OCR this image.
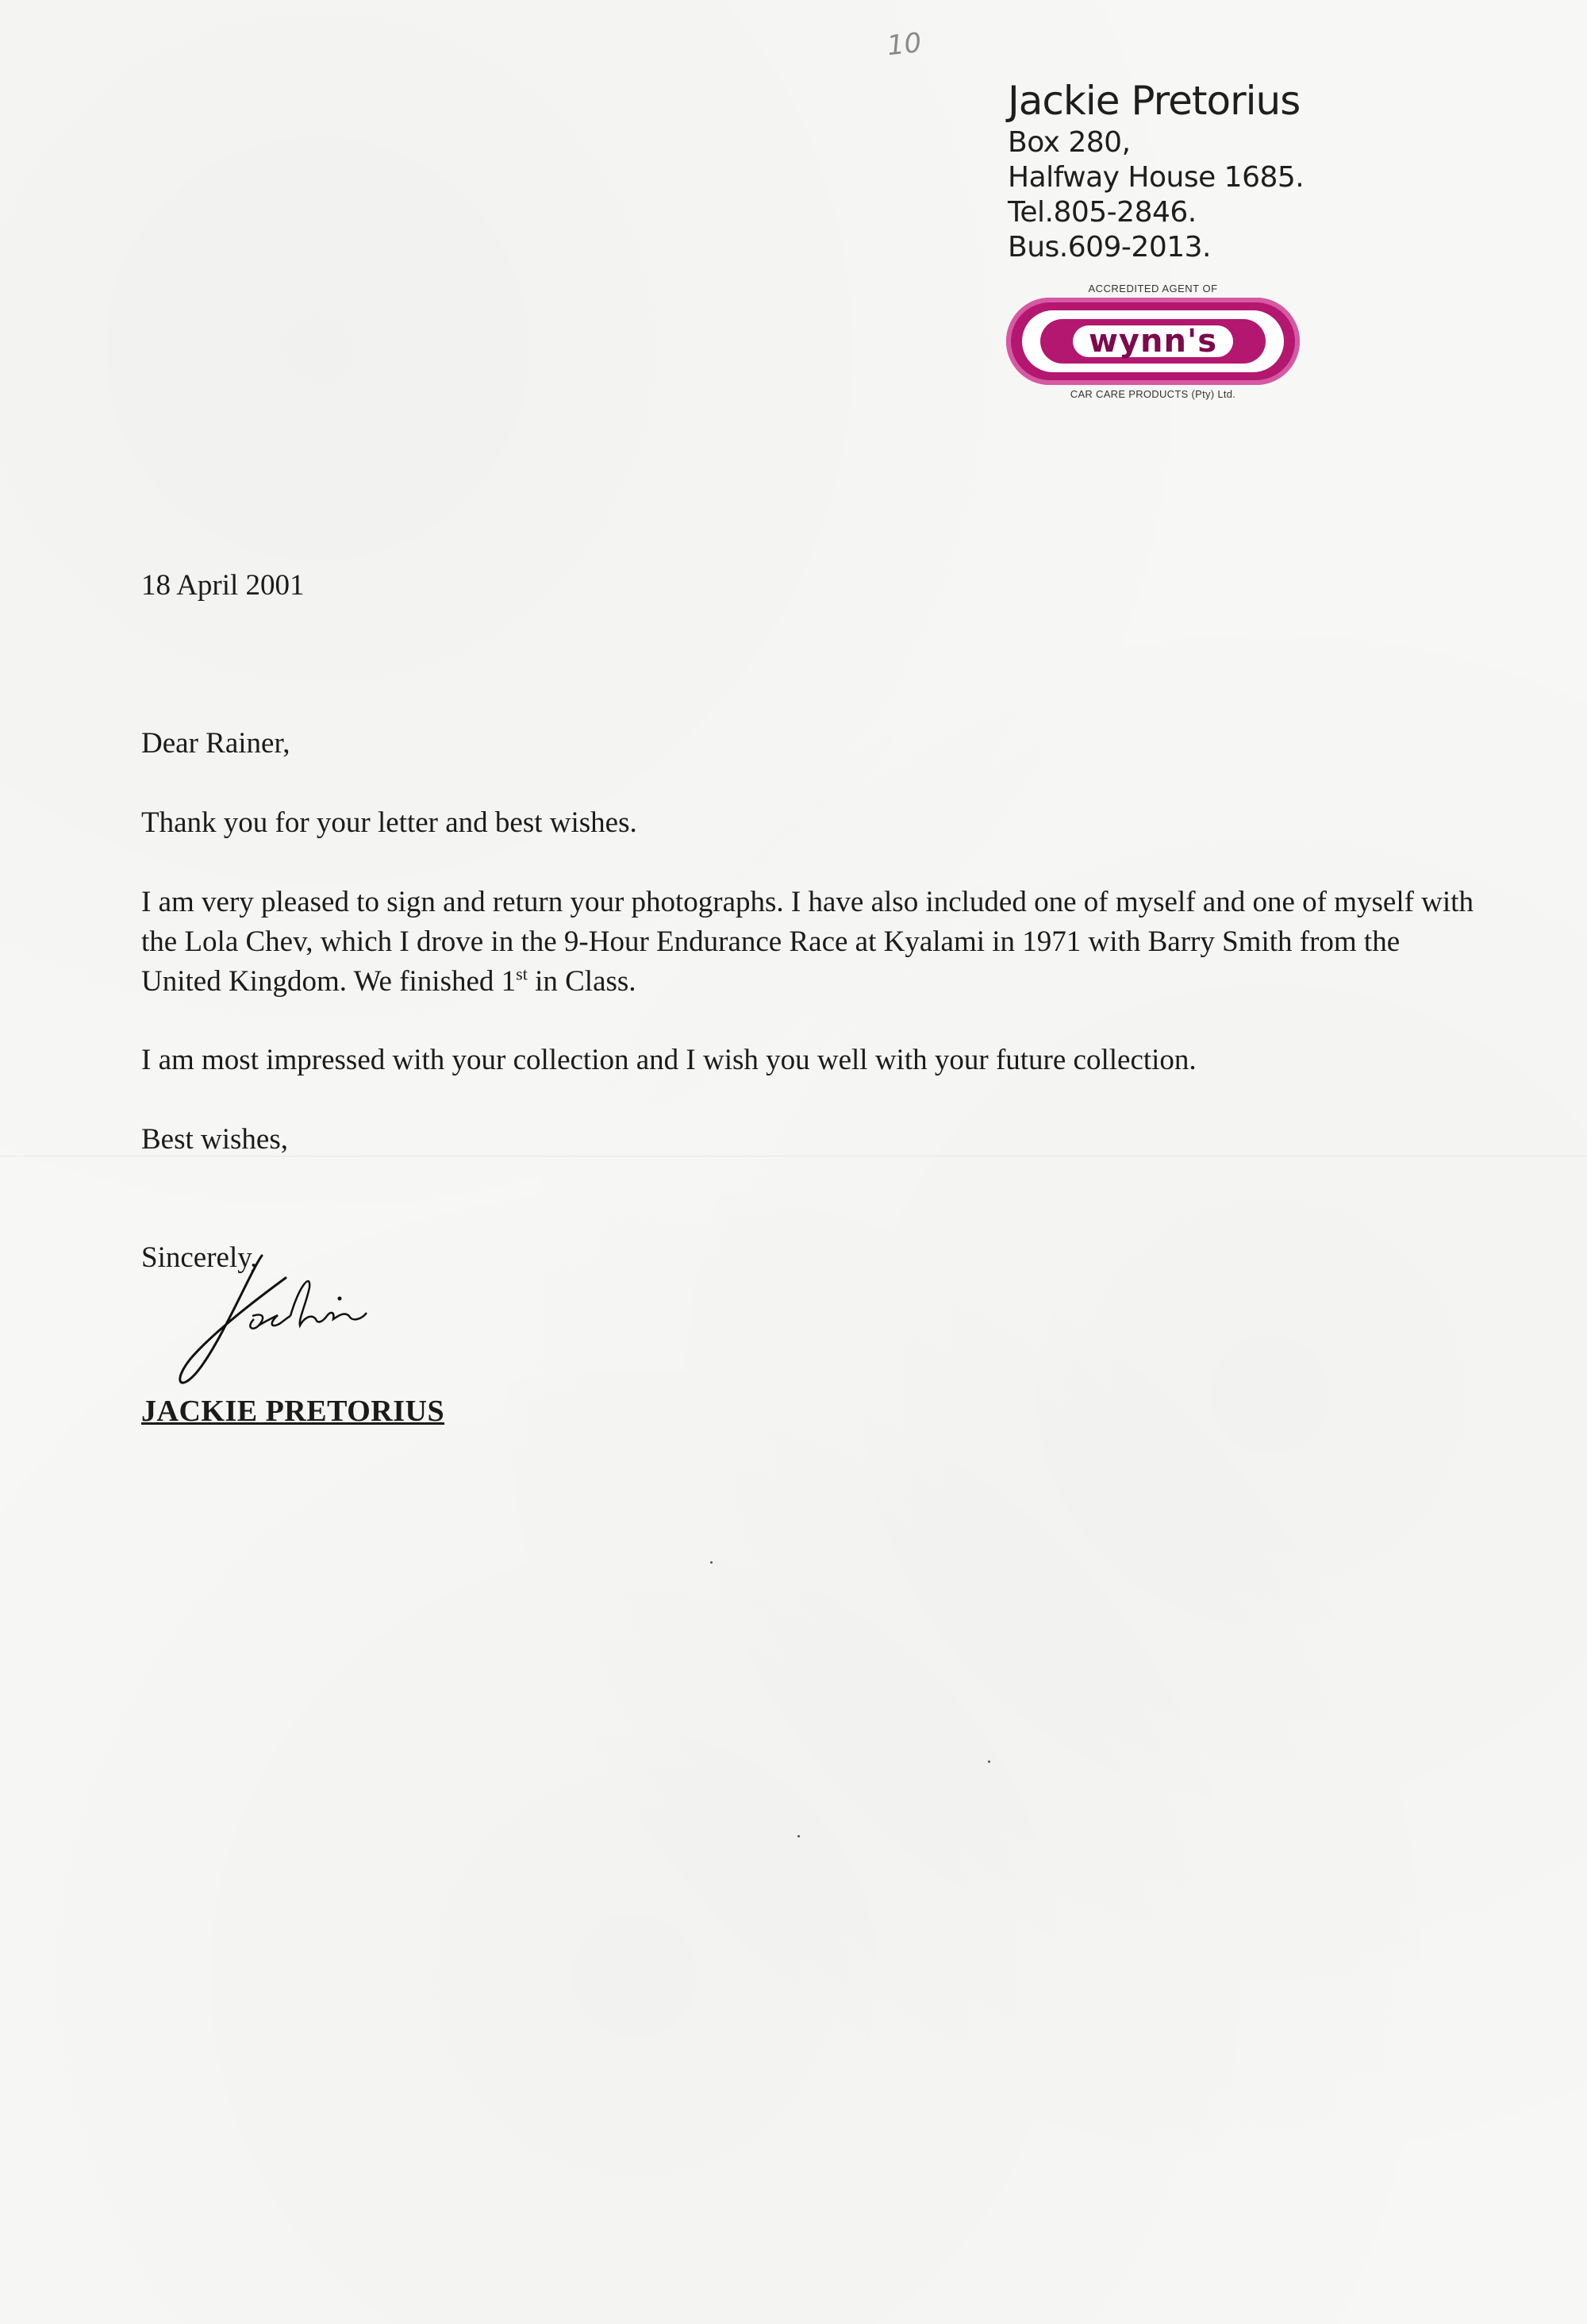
10
Jackie Pretorius
Box 280,
Halfway House 1685.
Tel.805-2846.
Bus.609-2013.
ACCREDITED AGENT OF
wynn's
CAR CARE PRODUCTS (Pty) Ltd.
18 April 2001
Dear Rainer,
Thank you for your letter and best wishes.
I am very pleased to sign and return your photographs. I have also included one of myself and one of myself with the Lola Chev, which I drove in the 9-Hour Endurance Race at Kyalami in 1971 with Barry Smith from the United Kingdom. We finished 1st in Class.
I am most impressed with your collection and I wish you well with your future collection.
Best wishes,
Sincerely,
JACKIE PRETORIUS
